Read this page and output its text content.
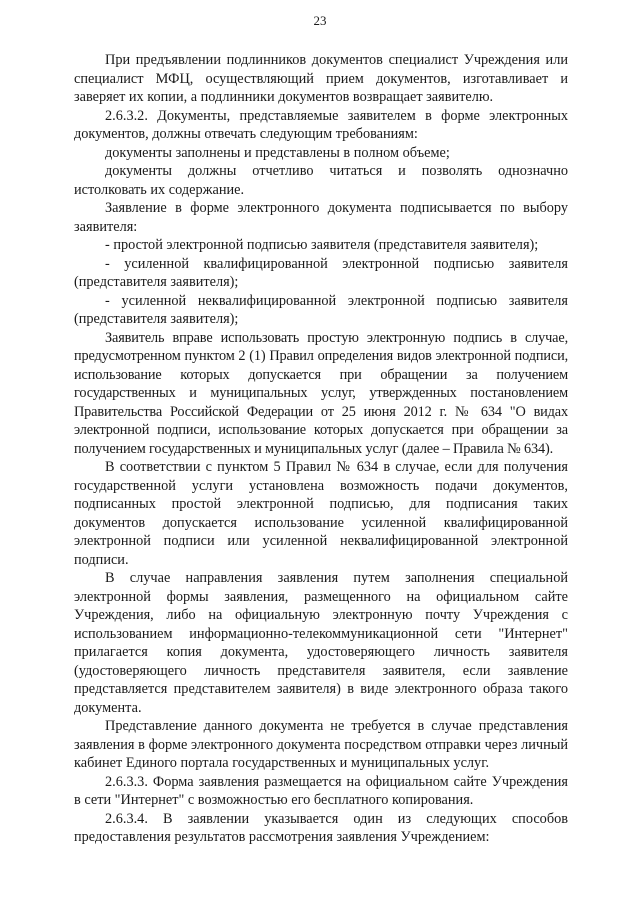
23

При предъявлении подлинников документов специалист Учреждения или специалист МФЦ, осуществляющий прием документов, изготавливает и заверяет их копии, а подлинники документов возвращает заявителю.

2.6.3.2. Документы, представляемые заявителем в форме электронных документов, должны отвечать следующим требованиям:

документы заполнены и представлены в полном объеме;

документы должны отчетливо читаться и позволять однозначно истолковать их содержание.

Заявление в форме электронного документа подписывается по выбору заявителя:

- простой электронной подписью заявителя (представителя заявителя);

- усиленной квалифицированной электронной подписью заявителя (представителя заявителя);

- усиленной неквалифицированной электронной подписью заявителя (представителя заявителя);

Заявитель вправе использовать простую электронную подпись в случае, предусмотренном пунктом 2 (1) Правил определения видов электронной подписи, использование которых допускается при обращении за получением государственных и муниципальных услуг, утвержденных постановлением Правительства Российской Федерации от 25 июня 2012 г. № 634 "О видах электронной подписи, использование которых допускается при обращении за получением государственных и муниципальных услуг (далее – Правила № 634).

В соответствии с пунктом 5 Правил № 634 в случае, если для получения государственной услуги установлена возможность подачи документов, подписанных простой электронной подписью, для подписания таких документов допускается использование усиленной квалифицированной электронной подписи или усиленной неквалифицированной электронной подписи.

В случае направления заявления путем заполнения специальной электронной формы заявления, размещенного на официальном сайте Учреждения, либо на официальную электронную почту Учреждения с использованием информационно-телекоммуникационной сети "Интернет" прилагается копия документа, удостоверяющего личность заявителя (удостоверяющего личность представителя заявителя, если заявление представляется представителем заявителя) в виде электронного образа такого документа.

Представление данного документа не требуется в случае представления заявления в форме электронного документа посредством отправки через личный кабинет Единого портала государственных и муниципальных услуг.

2.6.3.3. Форма заявления размещается на официальном сайте Учреждения в сети "Интернет" с возможностью его бесплатного копирования.

2.6.3.4. В заявлении указывается один из следующих способов предоставления результатов рассмотрения заявления Учреждением:
